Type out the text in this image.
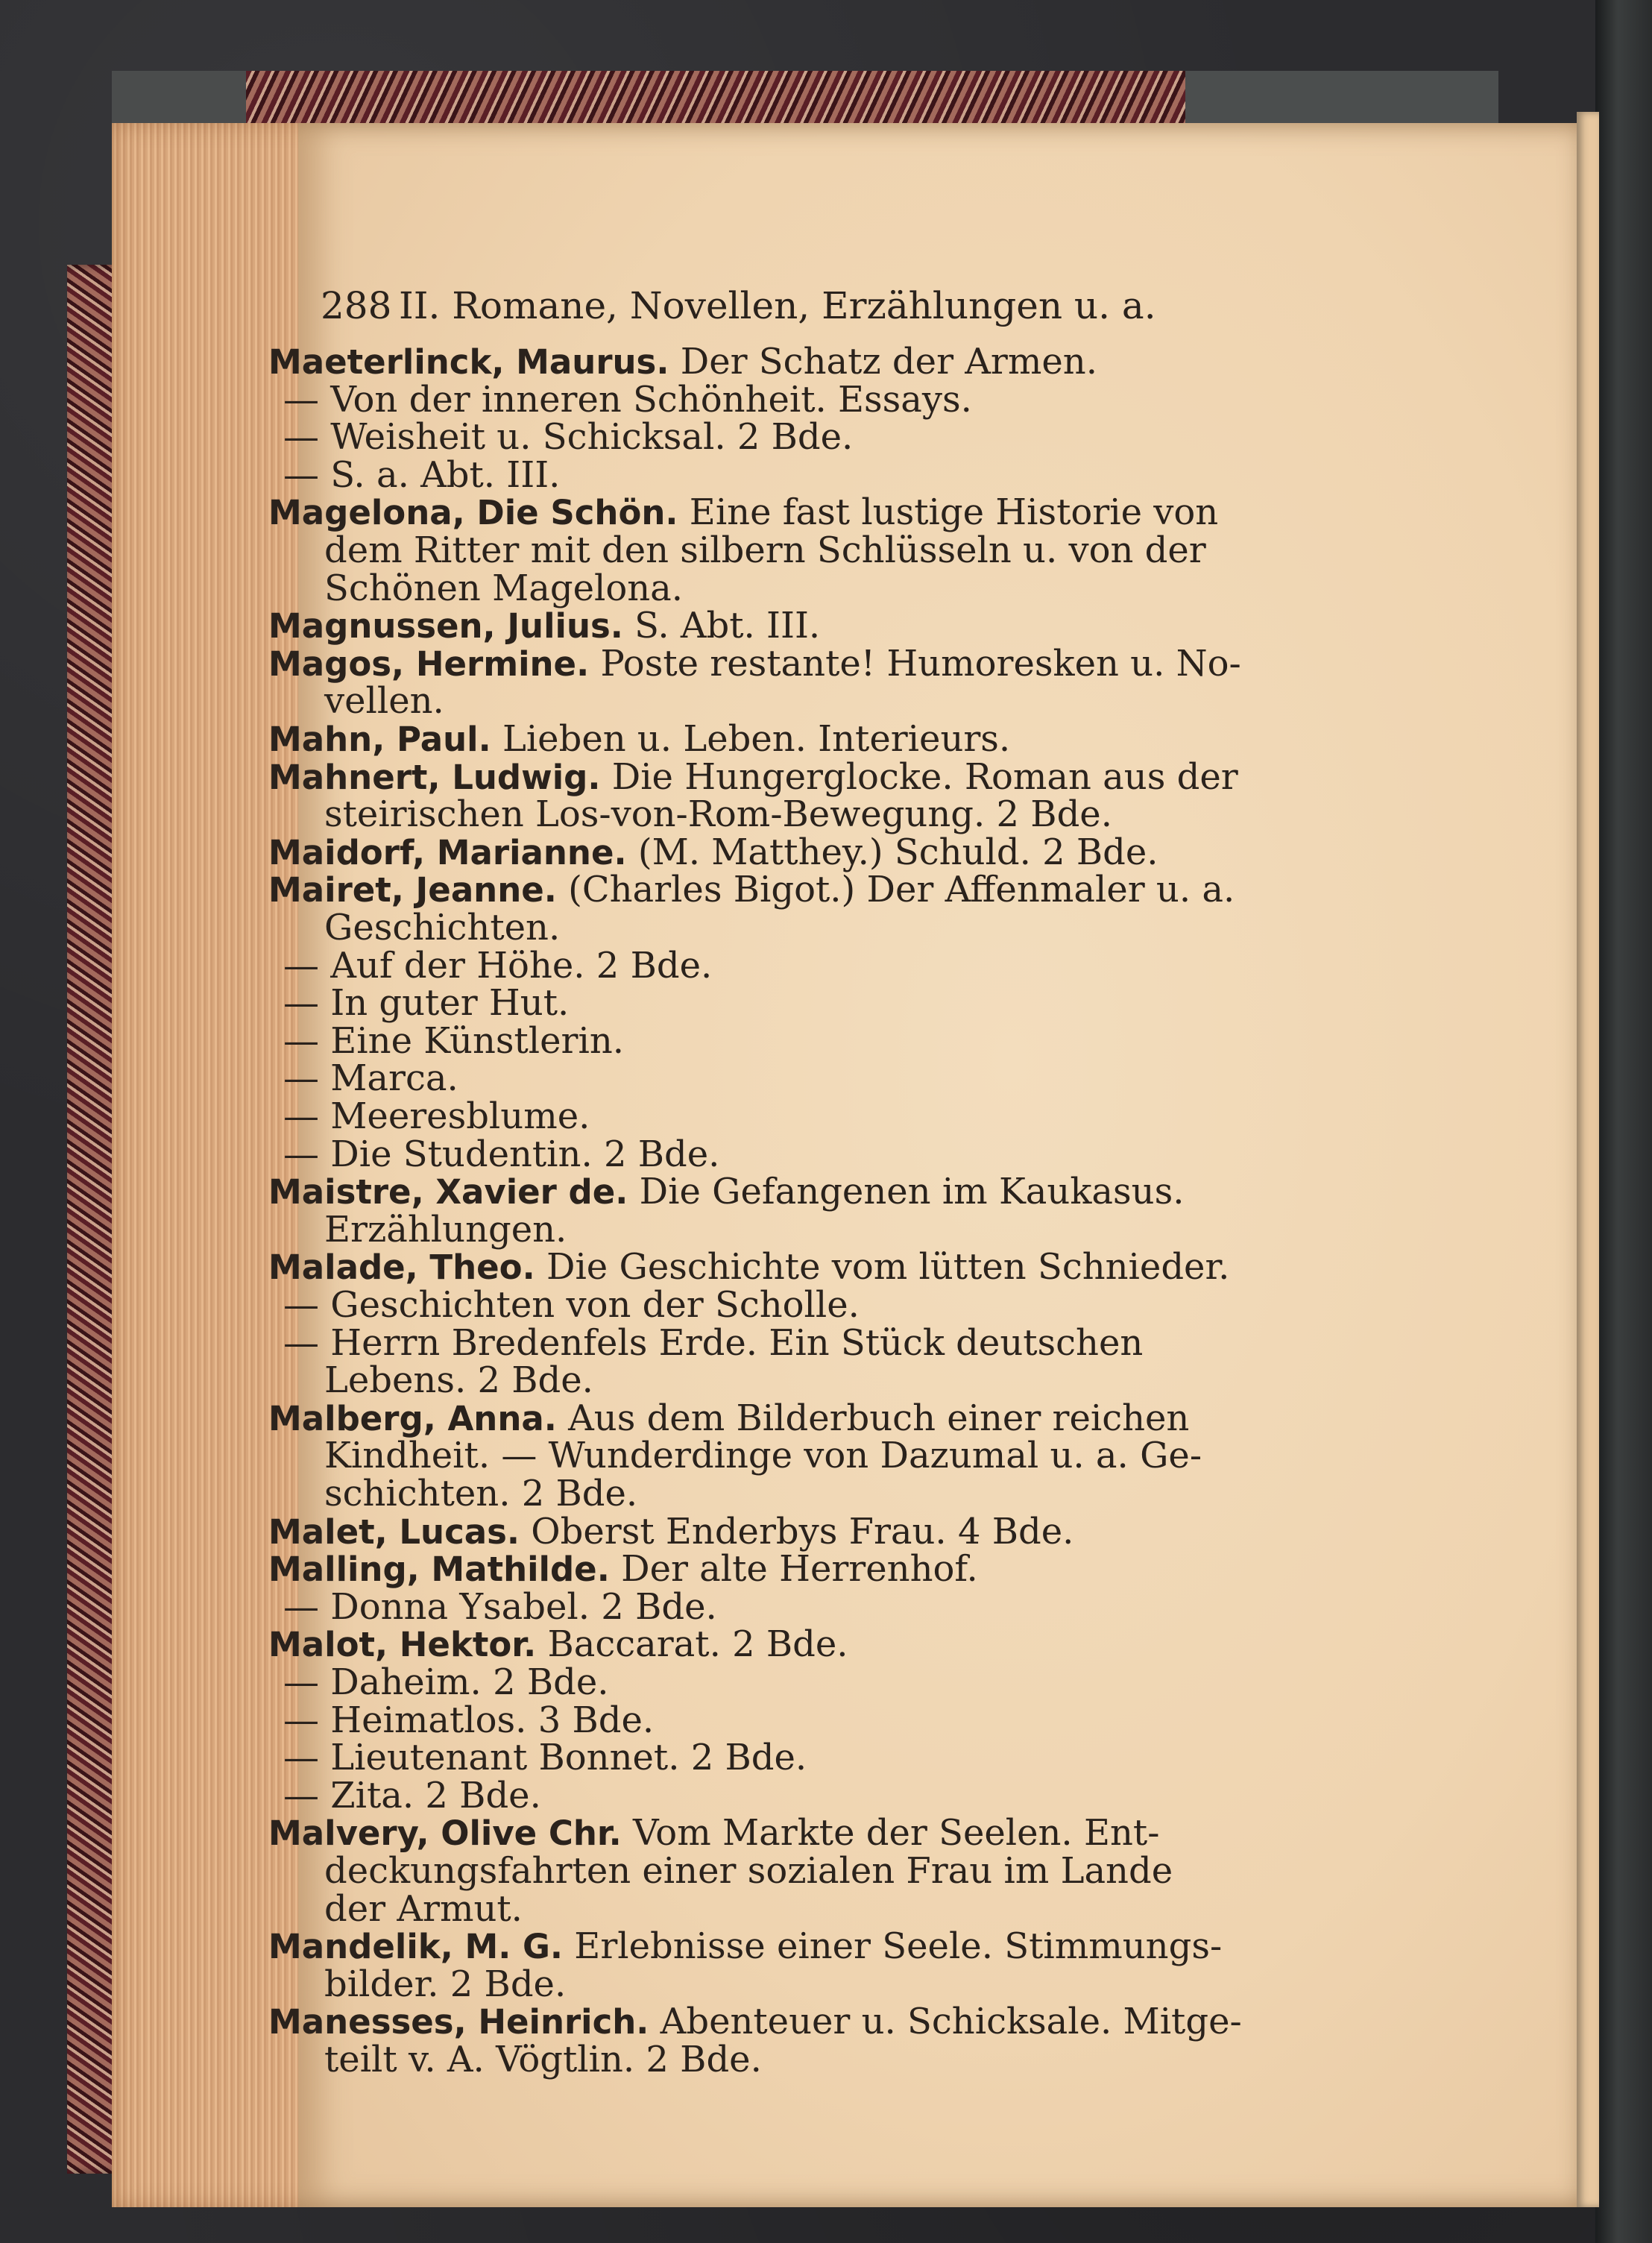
288 II. Romane, Novellen, Erzählungen u. a.
Maeterlinck, Maurus. Der Schatz der Armen.
— Von der inneren Schönheit. Essays.
— Weisheit u. Schicksal. 2 Bde.
— S. a. Abt. III.
Magelona, Die Schön. Eine fast lustige Historie von
dem Ritter mit den silbern Schlüsseln u. von der
Schönen Magelona.
Magnussen, Julius. S. Abt. III.
Magos, Hermine. Poste restante! Humoresken u. No-
vellen.
Mahn, Paul. Lieben u. Leben. Interieurs.
Mahnert, Ludwig. Die Hungerglocke. Roman aus der
steirischen Los-von-Rom-Bewegung. 2 Bde.
Maidorf, Marianne. (M. Matthey.) Schuld. 2 Bde.
Mairet, Jeanne. (Charles Bigot.) Der Affenmaler u. a.
Geschichten.
— Auf der Höhe. 2 Bde.
— In guter Hut.
— Eine Künstlerin.
— Marca.
— Meeresblume.
— Die Studentin. 2 Bde.
Maistre, Xavier de. Die Gefangenen im Kaukasus.
Erzählungen.
Malade, Theo. Die Geschichte vom lütten Schnieder.
— Geschichten von der Scholle.
— Herrn Bredenfels Erde. Ein Stück deutschen
Lebens. 2 Bde.
Malberg, Anna. Aus dem Bilderbuch einer reichen
Kindheit. — Wunderdinge von Dazumal u. a. Ge-
schichten. 2 Bde.
Malet, Lucas. Oberst Enderbys Frau. 4 Bde.
Malling, Mathilde. Der alte Herrenhof.
— Donna Ysabel. 2 Bde.
Malot, Hektor. Baccarat. 2 Bde.
— Daheim. 2 Bde.
— Heimatlos. 3 Bde.
— Lieutenant Bonnet. 2 Bde.
— Zita. 2 Bde.
Malvery, Olive Chr. Vom Markte der Seelen. Ent-
deckungsfahrten einer sozialen Frau im Lande
der Armut.
Mandelik, M. G. Erlebnisse einer Seele. Stimmungs-
bilder. 2 Bde.
Manesses, Heinrich. Abenteuer u. Schicksale. Mitge-
teilt v. A. Vögtlin. 2 Bde.
